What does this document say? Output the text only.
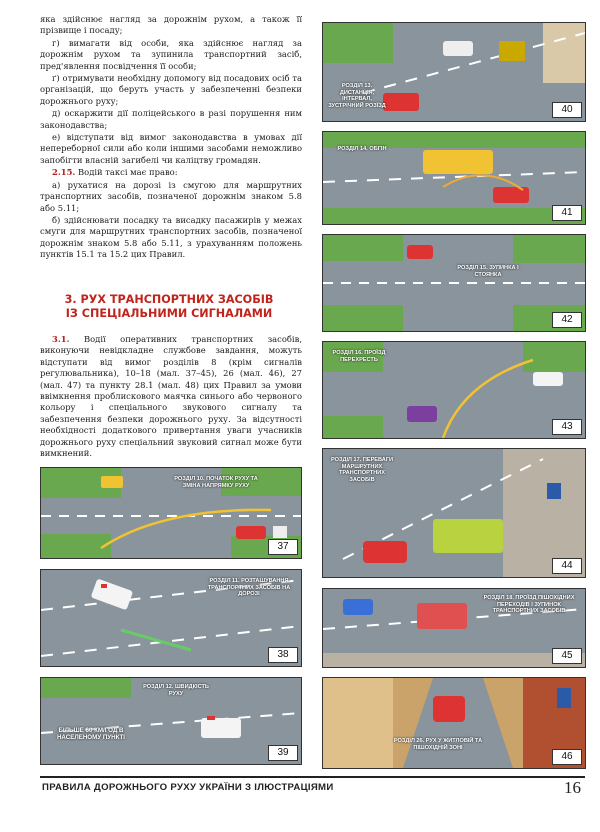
яка здійснює нагляд за дорожнім рухом, а також її прізвище і посаду;

г) вимагати від особи, яка здійснює нагляд за дорожнім рухом та зупинила транспортний засіб, пред'явлення посвідчення її особи;

ґ) отримувати необхідну допомогу від посадових осіб та організацій, що беруть участь у забезпеченні безпеки дорожнього руху;

д) оскаржити дії поліцейського в разі порушення ним законодавства;

е) відступати від вимог законодавства в умовах дії непереборної сили або коли іншими засобами неможливо запобігти власній загибелі чи каліцтву громадян.

2.15. Водій таксі має право:

а) рухатися на дорозі із смугою для маршрутних транспортних засобів, позначеної дорожнім знаком 5.8 або 5.11;

б) здійснювати посадку та висадку пасажирів у межах смуги для маршрутних транспортних засобів, позначеної дорожнім знаком 5.8 або 5.11, з урахуванням положень пунктів 15.1 та 15.2 цих Правил.

3. РУХ ТРАНСПОРТНИХ ЗАСОБІВ
ІЗ СПЕЦІАЛЬНИМИ СИГНАЛАМИ

3.1. Водії оперативних транспортних засобів, виконуючи невідкладне службове завдання, можуть відступати від вимог розділів 8 (крім сигналів регулювальника), 10–18 (мал. 37–45), 26 (мал. 46), 27 (мал. 47) та пункту 28.1 (мал. 48) цих Правил за умови ввімкнення проблискового маячка синього або червоного кольору і спеціального звукового сигналу та забезпечення безпеки дорожнього руху. За відсутності необхідності додаткового привертання уваги учасників дорожнього руху спеціальний звуковий сигнал може бути вимкнений.

РОЗДІЛ 10. ПОЧАТОК РУХУ ТА ЗМІНА НАПРЯМКУ РУХУ
37
РОЗДІЛ 11. РОЗТАШУВАННЯ ТРАНСПОРТНИХ ЗАСОБІВ НА ДОРОЗІ
38
РОЗДІЛ 12. ШВИДКІСТЬ РУХУ
БІЛЬШЕ 60 КМ/ГОД В НАСЕЛЕНОМУ ПУНКТІ
39
РОЗДІЛ 13. ДИСТАНЦІЯ, ІНТЕРВАЛ, ЗУСТРІЧНИЙ РОЗЇЗД	40
РОЗДІЛ 14. ОБГІН
41
РОЗДІЛ 15. ЗУПИНКА І СТОЯНКА
42
РОЗДІЛ 16. ПРОЇЗД ПЕРЕХРЕСТЬ
43
РОЗДІЛ 17. ПЕРЕВАГИ МАРШРУТНИХ ТРАНСПОРТНИХ ЗАСОБІВ
44
РОЗДІЛ 18. ПРОЇЗД ПІШОХІДНИХ ПЕРЕХОДІВ І ЗУПИНОК ТРАНСПОРТНИХ ЗАСОБІВ
45
РОЗДІЛ 26. РУХ У ЖИТЛОВІЙ ТА ПІШОХІДНІЙ ЗОНІ
46
ПРАВИЛА ДОРОЖНЬОГО РУХУ УКРАЇНИ З ІЛЮСТРАЦІЯМИ	16
